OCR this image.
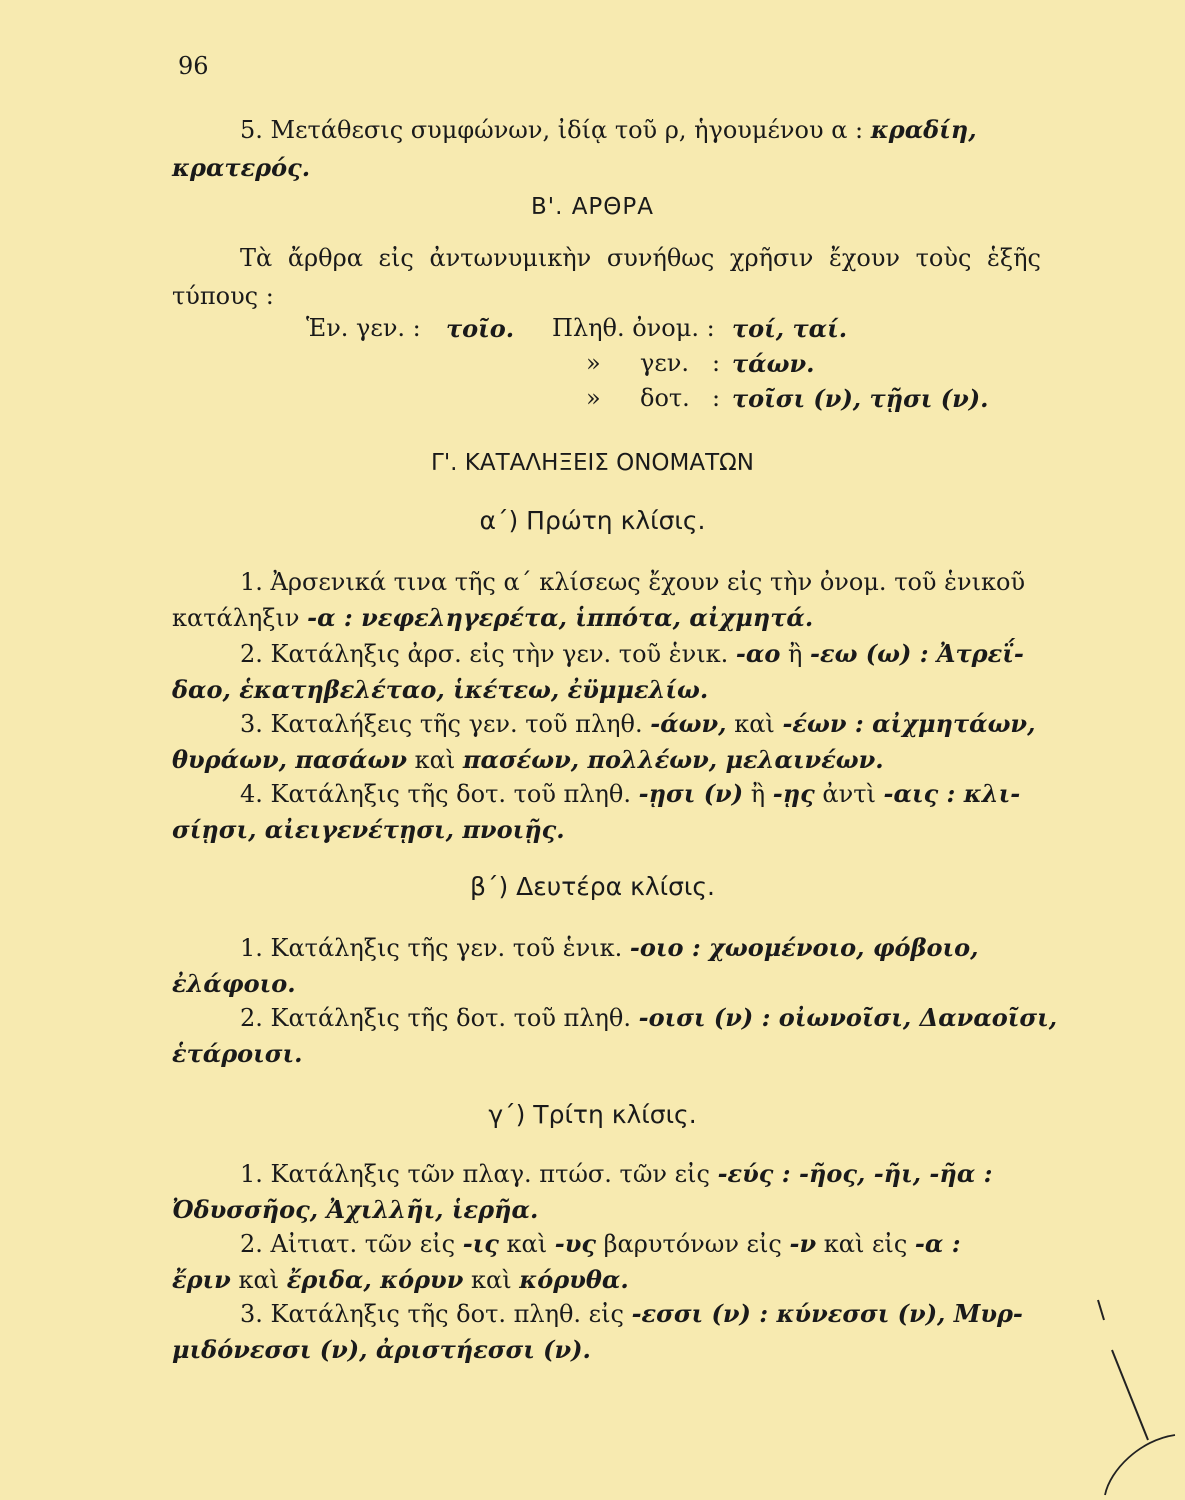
96
5. Μετάθεσις συμφώνων, ἰδίᾳ τοῦ ρ, ἡγουμένου α : κραδίη,
κρατερός.
Β'. ΑΡΘΡΑ
Τὰ ἄρθρα εἰς ἀντωνυμικὴν συνήθως χρῆσιν ἔχουν τοὺς ἑξῆς
τύπους :
Ἑν. γεν. : τοῖο. Πληθ. ὀνομ. : τοί, ταί.
» γεν. : τάων.
» δοτ. : τοῖσι (ν), τῇσι (ν).
Γ'. ΚΑΤΑΛΗΞΕΙΣ ΟΝΟΜΑΤΩΝ
α΄) Πρώτη κλίσις.
1. Ἀρσενικά τινα τῆς α΄ κλίσεως ἔχουν εἰς τὴν ὀνομ. τοῦ ἑνικοῦ
κατάληξιν -α : νεφεληγερέτα, ἱππότα, αἰχμητά.
2. Κατάληξις ἀρσ. εἰς τὴν γεν. τοῦ ἑνικ. -αο ἢ -εω (ω) : Ἀτρεΐ-
δαο, ἑκατηβελέταο, ἱκέτεω, ἐϋμμελίω.
3. Καταλήξεις τῆς γεν. τοῦ πληθ. -άων, καὶ -έων : αἰχμητάων,
θυράων, πασάων καὶ πασέων, πολλέων, μελαινέων.
4. Κατάληξις τῆς δοτ. τοῦ πληθ. -ῃσι (ν) ἢ -ῃς ἀντὶ -αις : κλι-
σίῃσι, αἰειγενέτῃσι, πνοιῇς.
β΄) Δευτέρα κλίσις.
1. Κατάληξις τῆς γεν. τοῦ ἑνικ. -οιο : χωομένοιο, φόβοιο,
ἐλάφοιο.
2. Κατάληξις τῆς δοτ. τοῦ πληθ. -οισι (ν) : οἰωνοῖσι, Δαναοῖσι,
ἑτάροισι.
γ΄) Τρίτη κλίσις.
1. Κατάληξις τῶν πλαγ. πτώσ. τῶν εἰς -εύς : -ῆος, -ῆι, -ῆα :
Ὀδυσσῆος, Ἀχιλλῆι, ἱερῆα.
2. Αἰτιατ. τῶν εἰς -ις καὶ -υς βαρυτόνων εἰς -ν καὶ εἰς -α :
ἔριν καὶ ἔριδα, κόρυν καὶ κόρυθα.
3. Κατάληξις τῆς δοτ. πληθ. εἰς -εσσι (ν) : κύνεσσι (ν), Μυρ-
μιδόνεσσι (ν), ἀριστήεσσι (ν).
